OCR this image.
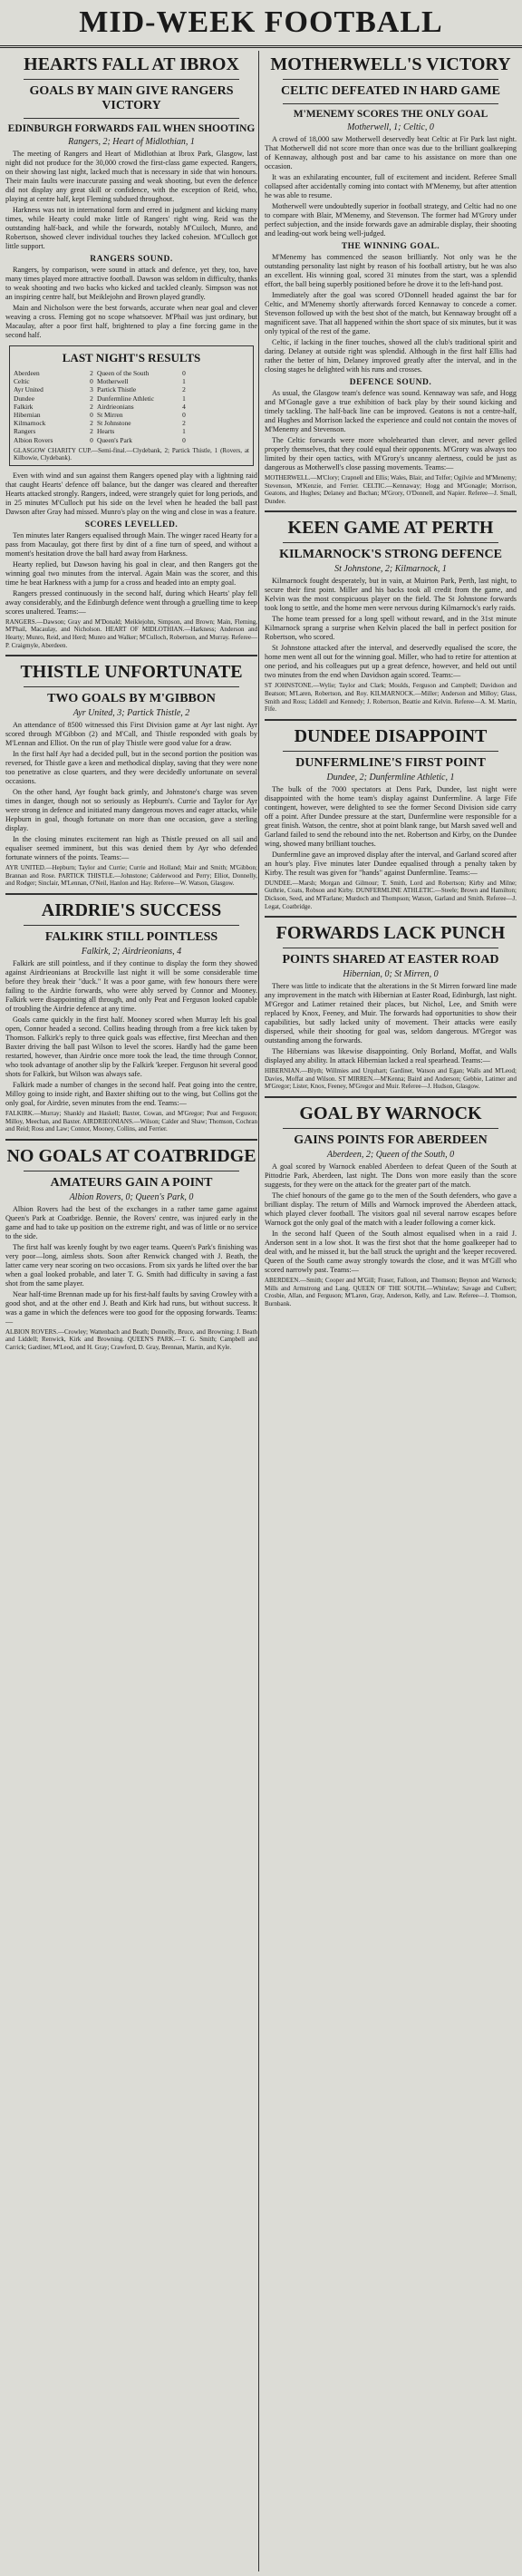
MID-WEEK FOOTBALL
HEARTS FALL AT IBROX
GOALS BY MAIN GIVE RANGERS VICTORY
EDINBURGH FORWARDS FAIL WHEN SHOOTING
Rangers, 2; Heart of Midlothian, 1

The meeting of Rangers and Heart of Midlothian at Ibrox Park, Glasgow, last night did not produce for the 30,000 crowd the first-class game expected. Rangers, on their showing last night, lacked much that is necessary in side that win honours. Their main faults were inaccurate passing and weak shooting, but even the defence did not display any great skill or confidence, with the exception of Reid, who, playing at centre half, kept Fleming subdued throughout.

Harkness was not in international form and erred in judgment and kicking many times, while Hearty could make little of Rangers' right wing. Reid was the outstanding half-back, and while the forwards, notably M'Cuiloch, Munro, and Robertson, showed clever individual touches they lacked cohesion. M'Culloch got little support.

RANGERS SOUND.

Rangers, by comparison, were sound in attack and defence, yet they, too, have many times played more attractive football. Dawson was seldom in difficulty, thanks to weak shooting and two backs who kicked and tackled cleanly. Simpson was not an inspiring centre half, but Meiklejohn and Brown played grandly.

Main and Nicholson were the best forwards, accurate when near goal and clever weaving a cross. Fleming got no scope whatsoever. M'Phail was just ordinary, but Macaulay, after a poor first half, brightened to play a fine forcing game in the second half.

LAST NIGHT'S RESULTS
Aberdeen	2 Queen of the South	0
Celtic	0 Motherwell	1
Ayr United	3 Partick Thistle	2
Dundee	2 Dunfermline Athletic	1
Falkirk	2 Airdrieonians	4
Hibernian	0 St Mirren	0
Kilmarnock	2 St Johnstone	2
Rangers	2 Hearts	1
Albion Rovers	0 Queen's Park	0
GLASGOW CHARITY CUP.—Semi-final.—Clydebank, 2; Partick Thistle, 1 (Rovers, at Kilbowie, Clydebank).

Even with wind and sun against them Rangers opened play with a lightning raid that caught Hearts' defence off balance, but the danger was cleared and thereafter Hearts attacked strongly. Rangers, indeed, were strangely quiet for long periods, and in 25 minutes M'Culloch put his side on the level when he headed the ball past Dawson after Gray had missed. Munro's play on the wing and close in was a feature.

SCORES LEVELLED.

Ten minutes later Rangers equalised through Main. The winger raced Hearty for a pass from Macaulay, got there first by dint of a fine turn of speed, and without a moment's hesitation drove the ball hard away from Harkness.

Hearty replied, but Dawson having his goal in clear, and then Rangers got the winning goal two minutes from the interval. Again Main was the scorer, and this time he beat Harkness with a jump for a cross and headed into an empty goal.

Rangers pressed continuously in the second half, during which Hearts' play fell away considerably, and the Edinburgh defence went through a gruelling time to keep scores unaltered. Teams:—

RANGERS.—Dawson; Gray and M'Donald; Meiklejohn, Simpson, and Brown; Main, Fleming, M'Phail, Macaulay, and Nicholson. HEART OF MIDLOTHIAN.—Harkness; Anderson and Hearty; Munro, Reid, and Herd; Munro and Walker; M'Culloch, Robertson, and Murray. Referee—P. Craigmyle, Aberdeen.
THISTLE UNFORTUNATE
TWO GOALS BY M'GIBBON
Ayr United, 3; Partick Thistle, 2

An attendance of 8500 witnessed this First Division game at Ayr last night. Ayr scored through M'Gibbon (2) and M'Call, and Thistle responded with goals by M'Lennan and Elliot. On the run of play Thistle were good value for a draw.

In the first half Ayr had a decided pull, but in the second portion the position was reversed, for Thistle gave a keen and methodical display, saving that they were none too penetrative as close quarters, and they were decidedly unfortunate on several occasions.

On the other hand, Ayr fought back grimly, and Johnstone's charge was seven times in danger, though not so seriously as Hepburn's. Currie and Taylor for Ayr were strong in defence and initiated many dangerous moves and eager attacks, while Hepburn in goal, though fortunate on more than one occasion, gave a sterling display.

In the closing minutes excitement ran high as Thistle pressed on all sail and equaliser seemed imminent, but this was denied them by Ayr who defended fortunate winners of the points. Teams:—

AYR UNITED.—Hepburn; Taylor and Currie; Currie and Holland; Mair and Smith; M'Gibbon; Brannan and Rose. PARTICK THISTLE.—Johnstone; Calderwood and Perry; Elliot, Donnelly, and Rodger; Sinclair, M'Lennan, O'Neil, Hanlon and Hay. Referee—W. Watson, Glasgow.
AIRDRIE'S SUCCESS
FALKIRK STILL POINTLESS
Falkirk, 2; Airdrieonians, 4

Falkirk are still pointless, and if they continue to display the form they showed against Airdrieonians at Brockville last night it will be some considerable time before they break their "duck." It was a poor game, with few honours there were failing to the Airdrie forwards, who were ably served by Connor and Mooney. Falkirk were disappointing all through, and only Peat and Ferguson looked capable of troubling the Airdrie defence at any time.

Goals came quickly in the first half. Mooney scored when Murray left his goal open, Connor headed a second. Collins heading through from a free kick taken by Thomson. Falkirk's reply to three quick goals was effective, first Meechan and then Baxter driving the ball past Wilson to level the scores. Hardly had the game been restarted, however, than Airdrie once more took the lead, the time through Connor, who took advantage of another slip by the Falkirk 'keeper. Ferguson hit several good shots for Falkirk, but Wilson was always safe.

Falkirk made a number of changes in the second half. Peat going into the centre, Milloy going to inside right, and Baxter shifting out to the wing, but Collins got the only goal, for Airdrie, seven minutes from the end. Teams:—

FALKIRK.—Murray; Shankly and Haskell; Baxter, Cowan, and M'Gregor; Peat and Ferguson; Milloy, Meechan, and Baxter. AIRDRIEONIANS.—Wilson; Calder and Shaw; Thomson, Cochran and Reid; Ross and Law; Connor, Mooney, Collins, and Ferrier.
NO GOALS AT COATBRIDGE
AMATEURS GAIN A POINT
Albion Rovers, 0; Queen's Park, 0

Albion Rovers had the best of the exchanges in a rather tame game against Queen's Park at Coatbridge. Bennie, the Rovers' centre, was injured early in the game and had to take up position on the extreme right, and was of little or no service to the side.

The first half was keenly fought by two eager teams. Queen's Park's finishing was very poor—long, aimless shots. Soon after Renwick changed with J. Beath, the latter came very near scoring on two occasions. From six yards he lifted over the bar when a goal looked probable, and later T. G. Smith had difficulty in saving a fast shot from the same player.

Near half-time Brennan made up for his first-half faults by saving Crowley with a good shot, and at the other end J. Beath and Kirk had runs, but without success. It was a game in which the defences were too good for the opposing forwards. Teams:—

ALBION ROVERS.—Crowley; Wattenbach and Beath; Donnelly, Bruce, and Browning; J. Beath and Liddell; Renwick, Kirk and Browning. QUEEN'S PARK.—T. G. Smith; Campbell and Carrick; Gardiner, M'Leod, and H. Gray; Crawford, D. Gray, Brennan, Martin, and Kyle.
MOTHERWELL'S VICTORY
CELTIC DEFEATED IN HARD GAME
M'MENEMY SCORES THE ONLY GOAL
Motherwell, 1; Celtic, 0

A crowd of 18,000 saw Motherwell deservedly beat Celtic at Fir Park last night. That Motherwell did not score more than once was due to the brilliant goalkeeping of Kennaway, although post and bar came to his assistance on more than one occasion.

It was an exhilarating encounter, full of excitement and incident. Referee Small collapsed after accidentally coming into contact with M'Menemy, but after attention he was able to resume.

Motherwell were undoubtedly superior in football strategy, and Celtic had no one to compare with Blair, M'Menemy, and Stevenson. The former had M'Grory under perfect subjection, and the inside forwards gave an admirable display, their shooting and leading-out work being well-judged.

THE WINNING GOAL.

M'Menemy has commenced the season brilliantly. Not only was he the outstanding personality last night by reason of his football artistry, but he was also an excellent. His winning goal, scored 31 minutes from the start, was a splendid effort, the ball being superbly positioned before he drove it to the left-hand post.

Immediately after the goal was scored O'Donnell headed against the bar for Celtic, and M'Menemy shortly afterwards forced Kennaway to concede a corner. Stevenson followed up with the best shot of the match, but Kennaway brought off a magnificent save. That all happened within the short space of six minutes, but it was only typical of the rest of the game.

Celtic, if lacking in the finer touches, showed all the club's traditional spirit and daring. Delaney at outside right was splendid. Although in the first half Ellis had rather the better of him, Delaney improved greatly after the interval, and in the closing stages he delighted with his runs and crosses.

DEFENCE SOUND.

As usual, the Glasgow team's defence was sound. Kennaway was safe, and Hogg and M'Gonagle gave a true exhibition of back play by their sound kicking and timely tackling. The half-back line can be improved. Geatons is not a centre-half, and Hughes and Morrison lacked the experience and could not contain the moves of M'Menemy and Stevenson.

The Celtic forwards were more wholehearted than clever, and never gelled properly themselves, that they could equal their opponents. M'Grory was always too limited by their open tactics, with M'Grory's uncanny alertness, could be just as dangerous as Motherwell's close passing movements. Teams:—

MOTHERWELL.—M'Clory; Crapnell and Ellis; Wales, Blair, and Telfer; Ogilvie and M'Menemy; Stevenson, M'Kenzie, and Ferrier. CELTIC.—Kennaway; Hogg and M'Gonagle; Morrison, Geatons, and Hughes; Delaney and Buchan; M'Grory, O'Donnell, and Napier. Referee—J. Small, Dundee.
KEEN GAME AT PERTH
KILMARNOCK'S STRONG DEFENCE
St Johnstone, 2; Kilmarnock, 1

Kilmarnock fought desperately, but in vain, at Muirton Park, Perth, last night, to secure their first point. Miller and his backs took all credit from the game, and Kelvin was the most conspicuous player on the field. The St Johnstone forwards took long to settle, and the home men were nervous during Kilmarnock's early raids.

The home team pressed for a long spell without reward, and in the 31st minute Kilmarnock sprang a surprise when Kelvin placed the ball in perfect position for Robertson, who scored.

St Johnstone attacked after the interval, and deservedly equalised the score, the home men went all out for the winning goal. Miller, who had to retire for attention at one period, and his colleagues put up a great defence, however, and held out until two minutes from the end when Davidson again scored. Teams:—

ST JOHNSTONE.—Wylie; Taylor and Clark; Moulds, Ferguson and Campbell; Davidson and Beatson; M'Laren, Robertson, and Roy. KILMARNOCK.—Miller; Anderson and Milloy; Glass, Smith and Ross; Liddell and Kennedy; J. Robertson, Beattie and Kelvin. Referee—A. M. Martin, Fife.
DUNDEE DISAPPOINT
DUNFERMLINE'S FIRST POINT
Dundee, 2; Dunfermline Athletic, 1

The bulk of the 7000 spectators at Dens Park, Dundee, last night were disappointed with the home team's display against Dunfermline. A large Fife contingent, however, were delighted to see the former Second Division side carry off a point. After Dundee pressure at the start, Dunfermline were responsible for a great finish. Watson, the centre, shot at point blank range, but Marsh saved well and Garland failed to send the rebound into the net. Robertson and Kirby, on the Dundee wing, showed many brilliant touches.

Dunfermline gave an improved display after the interval, and Garland scored after an hour's play. Five minutes later Dundee equalised through a penalty taken by Kirby. The result was given for "hands" against Dunfermline. Teams:—

DUNDEE.—Marsh; Morgan and Gilmour; T. Smith, Lord and Robertson; Kirby and Milne; Guthrie, Coats, Robson and Kirby. DUNFERMLINE ATHLETIC.—Steele; Brown and Hamilton; Dickson, Seed, and M'Farlane; Murdoch and Thompson; Watson, Garland and Smith. Referee—J. Legat, Coatbridge.
FORWARDS LACK PUNCH
POINTS SHARED AT EASTER ROAD
Hibernian, 0; St Mirren, 0

There was little to indicate that the alterations in the St Mirren forward line made any improvement in the match with Hibernian at Easter Road, Edinburgh, last night. M'Gregor and Latimer retained their places, but Nichol, Lee, and Smith were replaced by Knox, Feeney, and Muir. The forwards had opportunities to show their capabilities, but sadly lacked unity of movement. Their attacks were easily dispersed, while their shooting for goal was, seldom dangerous. M'Gregor was outstanding among the forwards.

The Hibernians was likewise disappointing. Only Borland, Moffat, and Walls displayed any ability. In attack Hibernian lacked a real spearhead. Teams:—

HIBERNIAN.—Blyth; Willmies and Urquhart; Gardiner, Watson and Egan; Walls and M'Leod; Davies, Moffat and Wilson. ST MIRREN.—M'Kenna; Baird and Anderson; Gebbie, Latimer and M'Gregor; Lister, Knox, Feeney, M'Gregor and Muir. Referee—J. Hudson, Glasgow.
GOAL BY WARNOCK
GAINS POINTS FOR ABERDEEN
Aberdeen, 2; Queen of the South, 0

A goal scored by Warnock enabled Aberdeen to defeat Queen of the South at Pittodrie Park, Aberdeen, last night. The Dons won more easily than the score suggests, for they were on the attack for the greater part of the match.

The chief honours of the game go to the men of the South defenders, who gave a brilliant display. The return of Mills and Warnock improved the Aberdeen attack, which played clever football. The visitors goal nil several narrow escapes before Warnock got the only goal of the match with a leader following a corner kick.

In the second half Queen of the South almost equalised when in a raid J. Anderson sent in a low shot. It was the first shot that the home goalkeeper had to deal with, and he missed it, but the ball struck the upright and the 'keeper recovered. Queen of the South came away strongly towards the close, and it was M'Gill who scored narrowly past. Teams:—

ABERDEEN.—Smith; Cooper and M'Gill; Fraser, Falloon, and Thomson; Beynon and Warnock; Mills and Armstrong and Lang. QUEEN OF THE SOUTH.—Whitelaw; Savage and Culbert; Crosbie, Allan, and Ferguson; M'Laren, Gray, Anderson, Kelly, and Law. Referee—J. Thomson, Burnbank.
